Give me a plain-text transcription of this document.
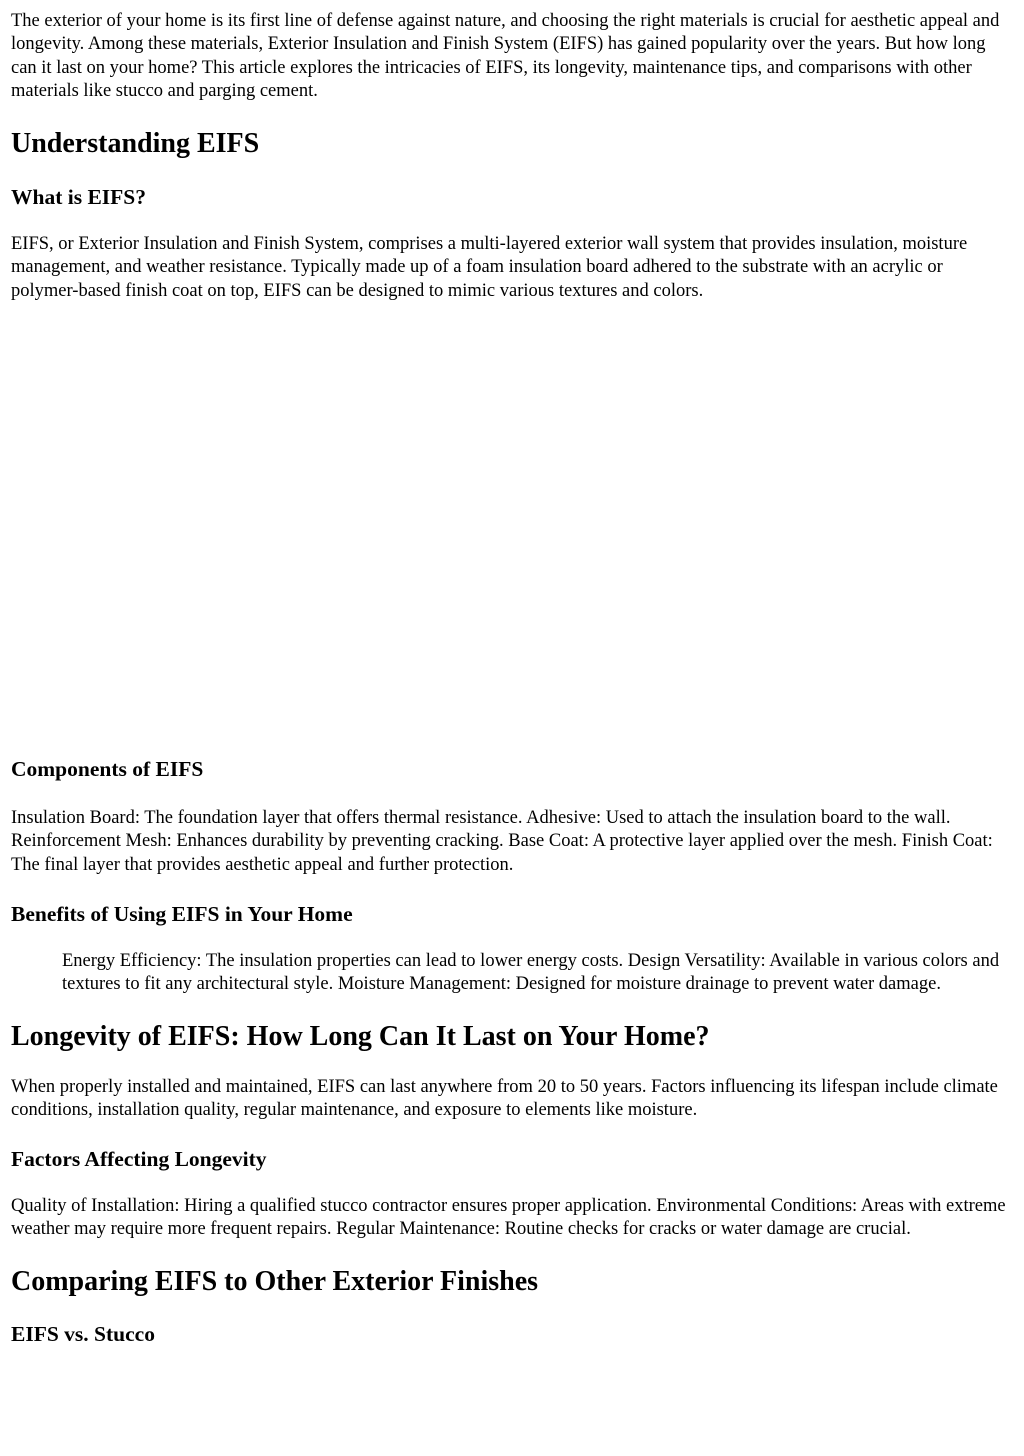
The exterior of your home is its first line of defense against nature, and choosing the right materials is crucial for aesthetic appeal and longevity. Among these materials, Exterior Insulation and Finish System (EIFS) has gained popularity over the years. But how long can it last on your home? This article explores the intricacies of EIFS, its longevity, maintenance tips, and comparisons with other materials like stucco and parging cement.

Understanding EIFS
What is EIFS?

EIFS, or Exterior Insulation and Finish System, comprises a multi-layered exterior wall system that provides insulation, moisture management, and weather resistance. Typically made up of a foam insulation board adhered to the substrate with an acrylic or polymer-based finish coat on top, EIFS can be designed to mimic various textures and colors.

Components of EIFS

Insulation Board: The foundation layer that offers thermal resistance. Adhesive: Used to attach the insulation board to the wall. Reinforcement Mesh: Enhances durability by preventing cracking. Base Coat: A protective layer applied over the mesh. Finish Coat: The final layer that provides aesthetic appeal and further protection.

Benefits of Using EIFS in Your Home

Energy Efficiency: The insulation properties can lead to lower energy costs. Design Versatility: Available in various colors and textures to fit any architectural style. Moisture Management: Designed for moisture drainage to prevent water damage.

Longevity of EIFS: How Long Can It Last on Your Home?

When properly installed and maintained, EIFS can last anywhere from 20 to 50 years. Factors influencing its lifespan include climate conditions, installation quality, regular maintenance, and exposure to elements like moisture.

Factors Affecting Longevity

Quality of Installation: Hiring a qualified stucco contractor ensures proper application. Environmental Conditions: Areas with extreme weather may require more frequent repairs. Regular Maintenance: Routine checks for cracks or water damage are crucial.

Comparing EIFS to Other Exterior Finishes
EIFS vs. Stucco
